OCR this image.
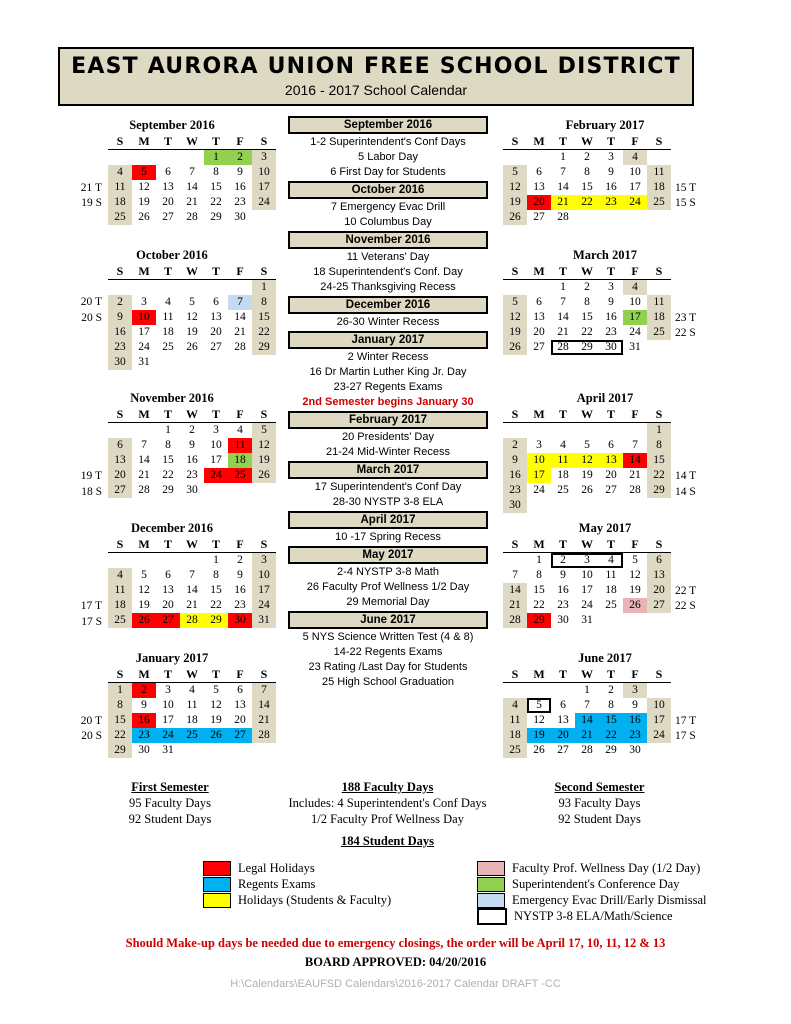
EAST AURORA UNION FREE SCHOOL DISTRICT
2016 - 2017 School Calendar	.
September 2016
S	M	T	W	T	F	S
				1	2	3
4	5	6	7	8	9	10
11	12	13	14	15	16	17
18	19	20	21	22	23	24
25	26	27	28	29	30	
21 T
19 S
October 2016
S	M	T	W	T	F	S
						1
2	3	4	5	6	7	8
9	10	11	12	13	14	15
16	17	18	19	20	21	22
23	24	25	26	27	28	29
30	31					
20 T
20 S
November 2016
S	M	T	W	T	F	S
		1	2	3	4	5
6	7	8	9	10	11	12
13	14	15	16	17	18	19
20	21	22	23	24	25	26
27	28	29	30			
19 T
18 S
December 2016
S	M	T	W	T	F	S
				1	2	3
4	5	6	7	8	9	10
11	12	13	14	15	16	17
18	19	20	21	22	23	24
25	26	27	28	29	30	31
17 T
17 S
January 2017
S	M	T	W	T	F	S
1	2	3	4	5	6	7
8	9	10	11	12	13	14
15	16	17	18	19	20	21
22	23	24	25	26	27	28
29	30	31				
20 T
20 S
February 2017
S	M	T	W	T	F	S
		1	2	3	4	
5	6	7	8	9	10	11
12	13	14	15	16	17	18
19	20	21	22	23	24	25
26	27	28				
15 T
15 S
March 2017
S	M	T	W	T	F	S
		1	2	3	4	
5	6	7	8	9	10	11
12	13	14	15	16	17	18
19	20	21	22	23	24	25
26	27	28	29	30	31	
23 T
22 S
April 2017
S	M	T	W	T	F	S
						1
2	3	4	5	6	7	8
9	10	11	12	13	14	15
16	17	18	19	20	21	22
23	24	25	26	27	28	29
30						
14 T
14 S
May 2017
S	M	T	W	T	F	S
	1	2	3	4	5	6
7	8	9	10	11	12	13
14	15	16	17	18	19	20
21	22	23	24	25	26	27
28	29	30	31			
22 T
22 S
June 2017
S	M	T	W	T	F	S
			1	2	3	
4	5	6	7	8	9	10
11	12	13	14	15	16	17
18	19	20	21	22	23	24
25	26	27	28	29	30	
17 T
17 S
September 2016
1-2 Superintendent's Conf Days
5 Labor Day
6 First Day for Students
October 2016
7 Emergency Evac Drill
10 Columbus Day
November 2016
11 Veterans' Day
18 Superintendent's Conf. Day
24-25 Thanksgiving Recess
December 2016
26-30 Winter Recess
January 2017
2 Winter Recess
16 Dr Martin Luther King Jr. Day
23-27 Regents Exams
2nd Semester begins January 30
February 2017
20 Presidents' Day
21-24 Mid-Winter Recess
March 2017
17 Superintendent's Conf Day
28-30 NYSTP 3-8 ELA
April 2017
10 -17 Spring Recess
May 2017
2-4 NYSTP 3-8 Math
26 Faculty Prof Wellness 1/2 Day
29 Memorial Day
June 2017
5 NYS Science Written Test (4 & 8)
14-22 Regents Exams
23 Rating /Last Day for Students
25 High School Graduation
First Semester
95 Faculty Days
92 Student Days
188 Faculty Days
Includes: 4 Superintendent's Conf Days
1/2 Faculty Prof Wellness Day
Second Semester
93 Faculty Days
92 Student Days
184 Student Days
Legal Holidays
Regents Exams
Holidays (Students & Faculty)
Faculty Prof. Wellness Day (1/2 Day)
Superintendent's Conference Day
Emergency Evac Drill/Early Dismissal
NYSTP 3-8 ELA/Math/Science
Should Make-up days be needed due to emergency closings, the order will be April 17, 10, 11, 12 & 13
BOARD APPROVED: 04/20/2016
H:\Calendars\EAUFSD Calendars\2016-2017 Calendar DRAFT -CC
